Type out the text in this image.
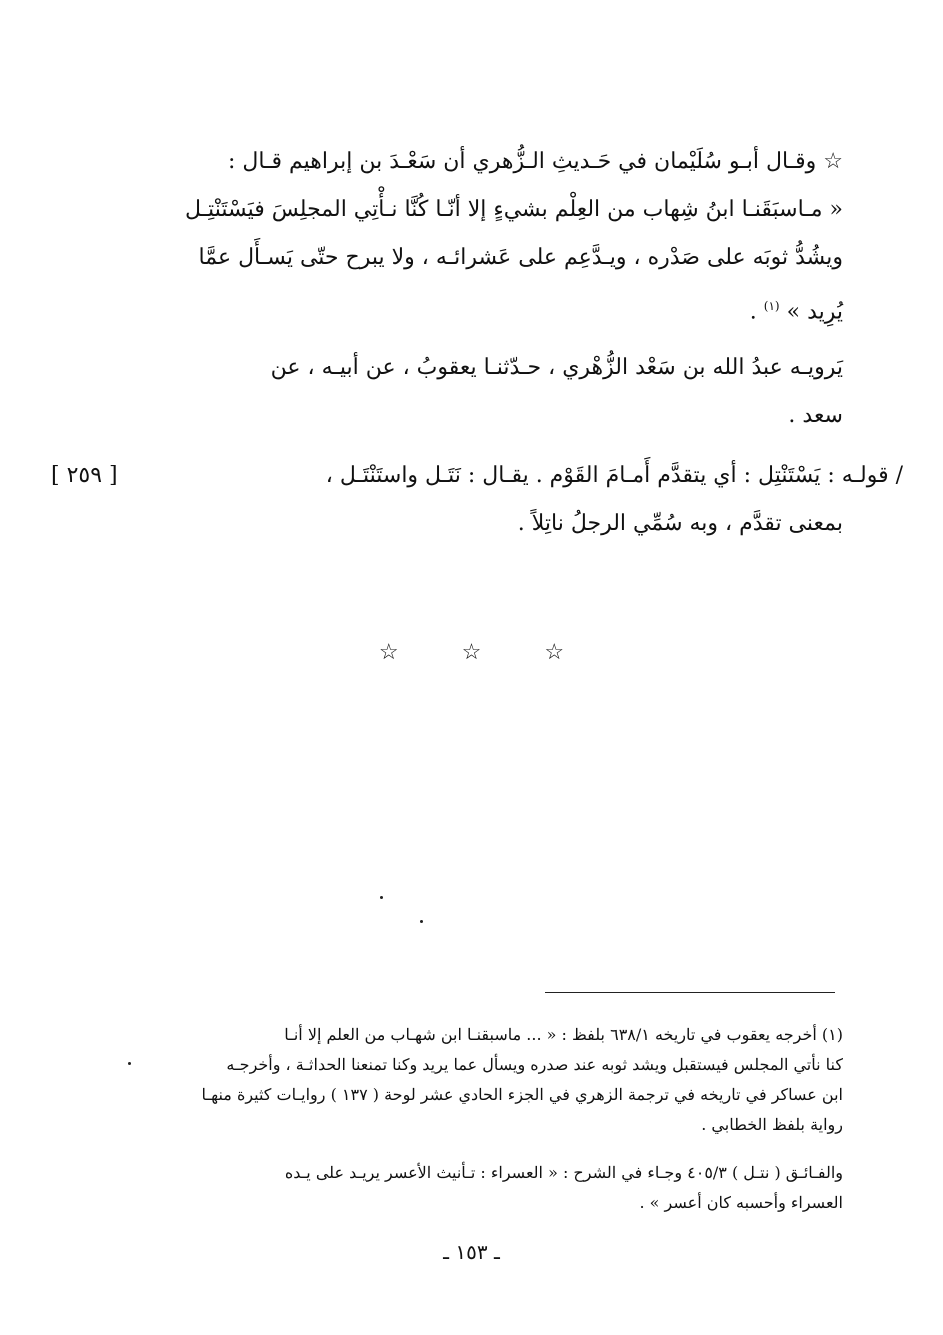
☆ وقـال أبـو سُلَيْمان في حَـديثِ الـزُّهري أن سَعْـدَ بن إبراهيم قـال :
« مـاسبَقَنـا ابنُ شِهاب من العِلْم بشيءٍ إلا أنّـا كُنَّا نـأْتِي المجلِسَ فيَسْتَنْتِـل
ويشُدُّ ثوبَه على صَدْره ، ويـدَّعِم على عَشرائـه ، ولا يبرح حتّى يَسـأَل عمَّا
يُرِيد » $^{(١)}$ .
يَرويـه عبدُ الله بن سَعْد الزُّهْري ، حـدّثنـا يعقوبُ ، عن أبيـه ، عن
سعد .
/ قولـه : يَسْتَنْتِل : أي يتقدَّم أَمـامَ القَوْم . يقـال : نَتَـل واستَنْتَـل ،
[ ٢٥٩ ]
بمعنى تقدَّم ، وبه سُمِّي الرجلُ ناتِلاً .
☆ ☆ ☆
(١) أخرجه يعقوب في تاريخه ٦٣٨/١ بلفظ : « ... ماسبقنـا ابن شهـاب من العلم إلا أنـا
كنا نأتي المجلس فيستقبل ويشد ثوبه عند صدره ويسأل عما يريد وكنا تمنعنا الحداثـة ، وأخرجـه
ابن عساكر في تاريخه في ترجمة الزهري في الجزء الحادي عشر لوحة ( ١٣٧ ) روايـات كثيرة منهـا
رواية بلفظ الخطابي .
والفـائـق ( نتـل ) ٤٠٥/٣ وجـاء في الشرح : « العسراء : تـأنيث الأعسر يريـد على يـده
العسراء وأحسبه كان أعسر » .
ـ ١٥٣ ـ
